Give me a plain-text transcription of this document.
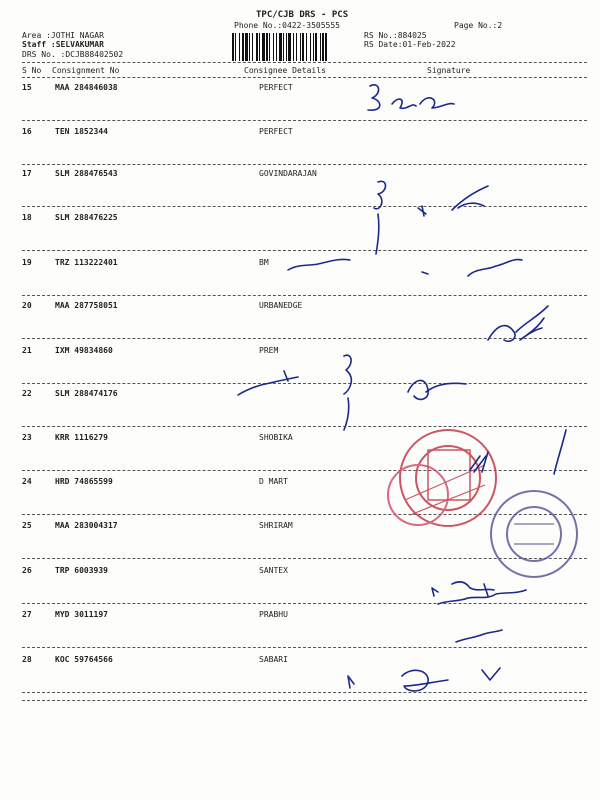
TPC/CJB DRS - PCS
Phone No.:0422-3505555	Page No.:2
Area :JOTHI NAGAR
Staff :SELVAKUMAR
DRS No. :DCJB88402502
RS No.:884025
RS Date:01-Feb-2022
S No Consignment No	Consignee Details	Signature
15	MAA 284846038	PERFECT
16	TEN 1852344	PERFECT
17	SLM 288476543	GOVINDARAJAN
18	SLM 288476225
19	TRZ 113222401	BM
20	MAA 287758051	URBANEDGE
21	IXM 49834860	PREM
22	SLM 288474176
23	KRR 1116279	SHOBIKA
24	HRD 74865599	D MART
25	MAA 283004317	SHRIRAM
26	TRP 6003939	SANTEX
27	MYD 3011197	PRABHU
28	KOC 59764566	SABARI
